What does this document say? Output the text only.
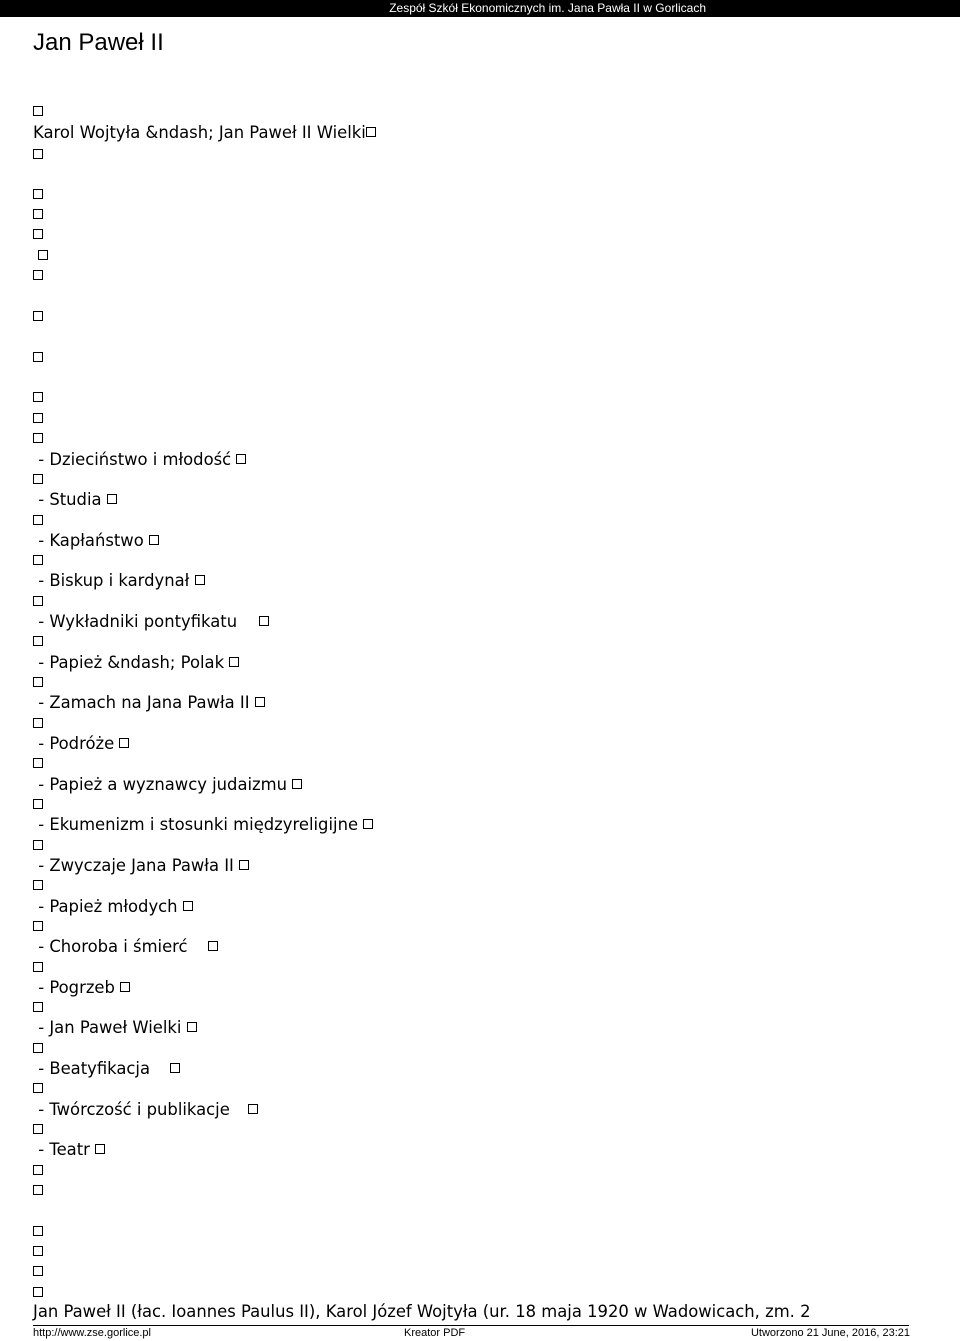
Zespół Szkół Ekonomicznych im. Jana Pawła II w Gorlicach
Jan Paweł II
Karol Wojtyła &ndash; Jan Paweł II Wielki
- Dzieciństwo i młodość
- Studia
- Kapłaństwo
- Biskup i kardynał
- Wykładniki pontyfikatu
- Papież &ndash; Polak
- Zamach na Jana Pawła II
- Podróże
- Papież a wyznawcy judaizmu
- Ekumenizm i stosunki międzyreligijne
- Zwyczaje Jana Pawła II
- Papież młodych
- Choroba i śmierć
- Pogrzeb
- Jan Paweł Wielki
- Beatyfikacja
- Twórczość i publikacje
- Teatr
Jan Paweł II (łac. Ioannes Paulus II), Karol Józef Wojtyła (ur. 18 maja 1920 w Wadowicach, zm. 2
http://www.zse.gorlice.pl	Kreator PDF	Utworzono 21 June, 2016, 23:21
